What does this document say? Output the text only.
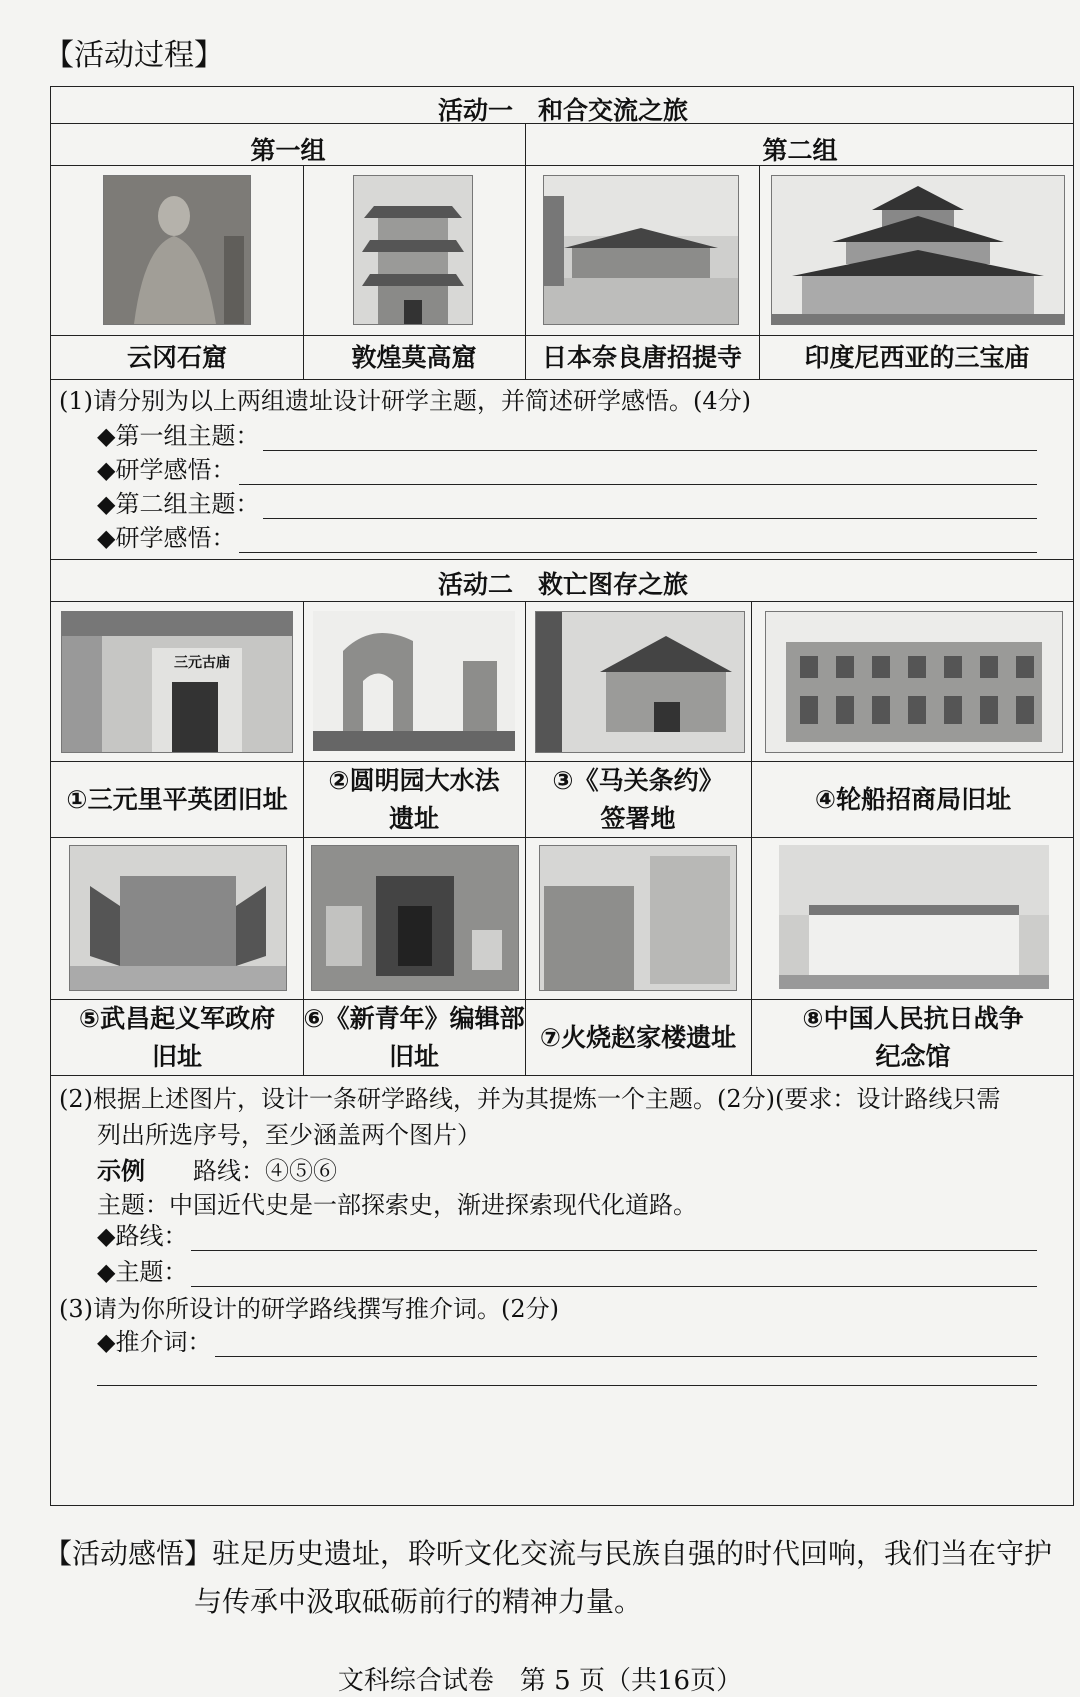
【活动过程】
活动一　和合交流之旅
第一组	第二组
云冈石窟	敦煌莫高窟	日本奈良唐招提寺	印度尼西亚的三宝庙
(1)请分别为以上两组遗址设计研学主题，并简述研学感悟。(4分)
◆第一组主题：
◆研学感悟：
◆第二组主题：
◆研学感悟：
活动二　救亡图存之旅
三元古庙
①三元里平英团旧址
②圆明园大水法
遗址
③《马关条约》
签署地
④轮船招商局旧址
⑤武昌起义军政府
旧址
⑥《新青年》编辑部
旧址
⑦火烧赵家楼遗址
⑧中国人民抗日战争
纪念馆
(2)根据上述图片，设计一条研学路线，并为其提炼一个主题。(2分)(要求：设计路线只需
列出所选序号，至少涵盖两个图片）
示例 路线：④⑤⑥
主题：中国近代史是一部探索史，渐进探索现代化道路。
◆路线：
◆主题：
(3)请为你所设计的研学路线撰写推介词。(2分)
◆推介词：
【活动感悟】驻足历史遗址，聆听文化交流与民族自强的时代回响，我们当在守护
与传承中汲取砥砺前行的精神力量。
文科综合试卷　第 5 页（共16页）
